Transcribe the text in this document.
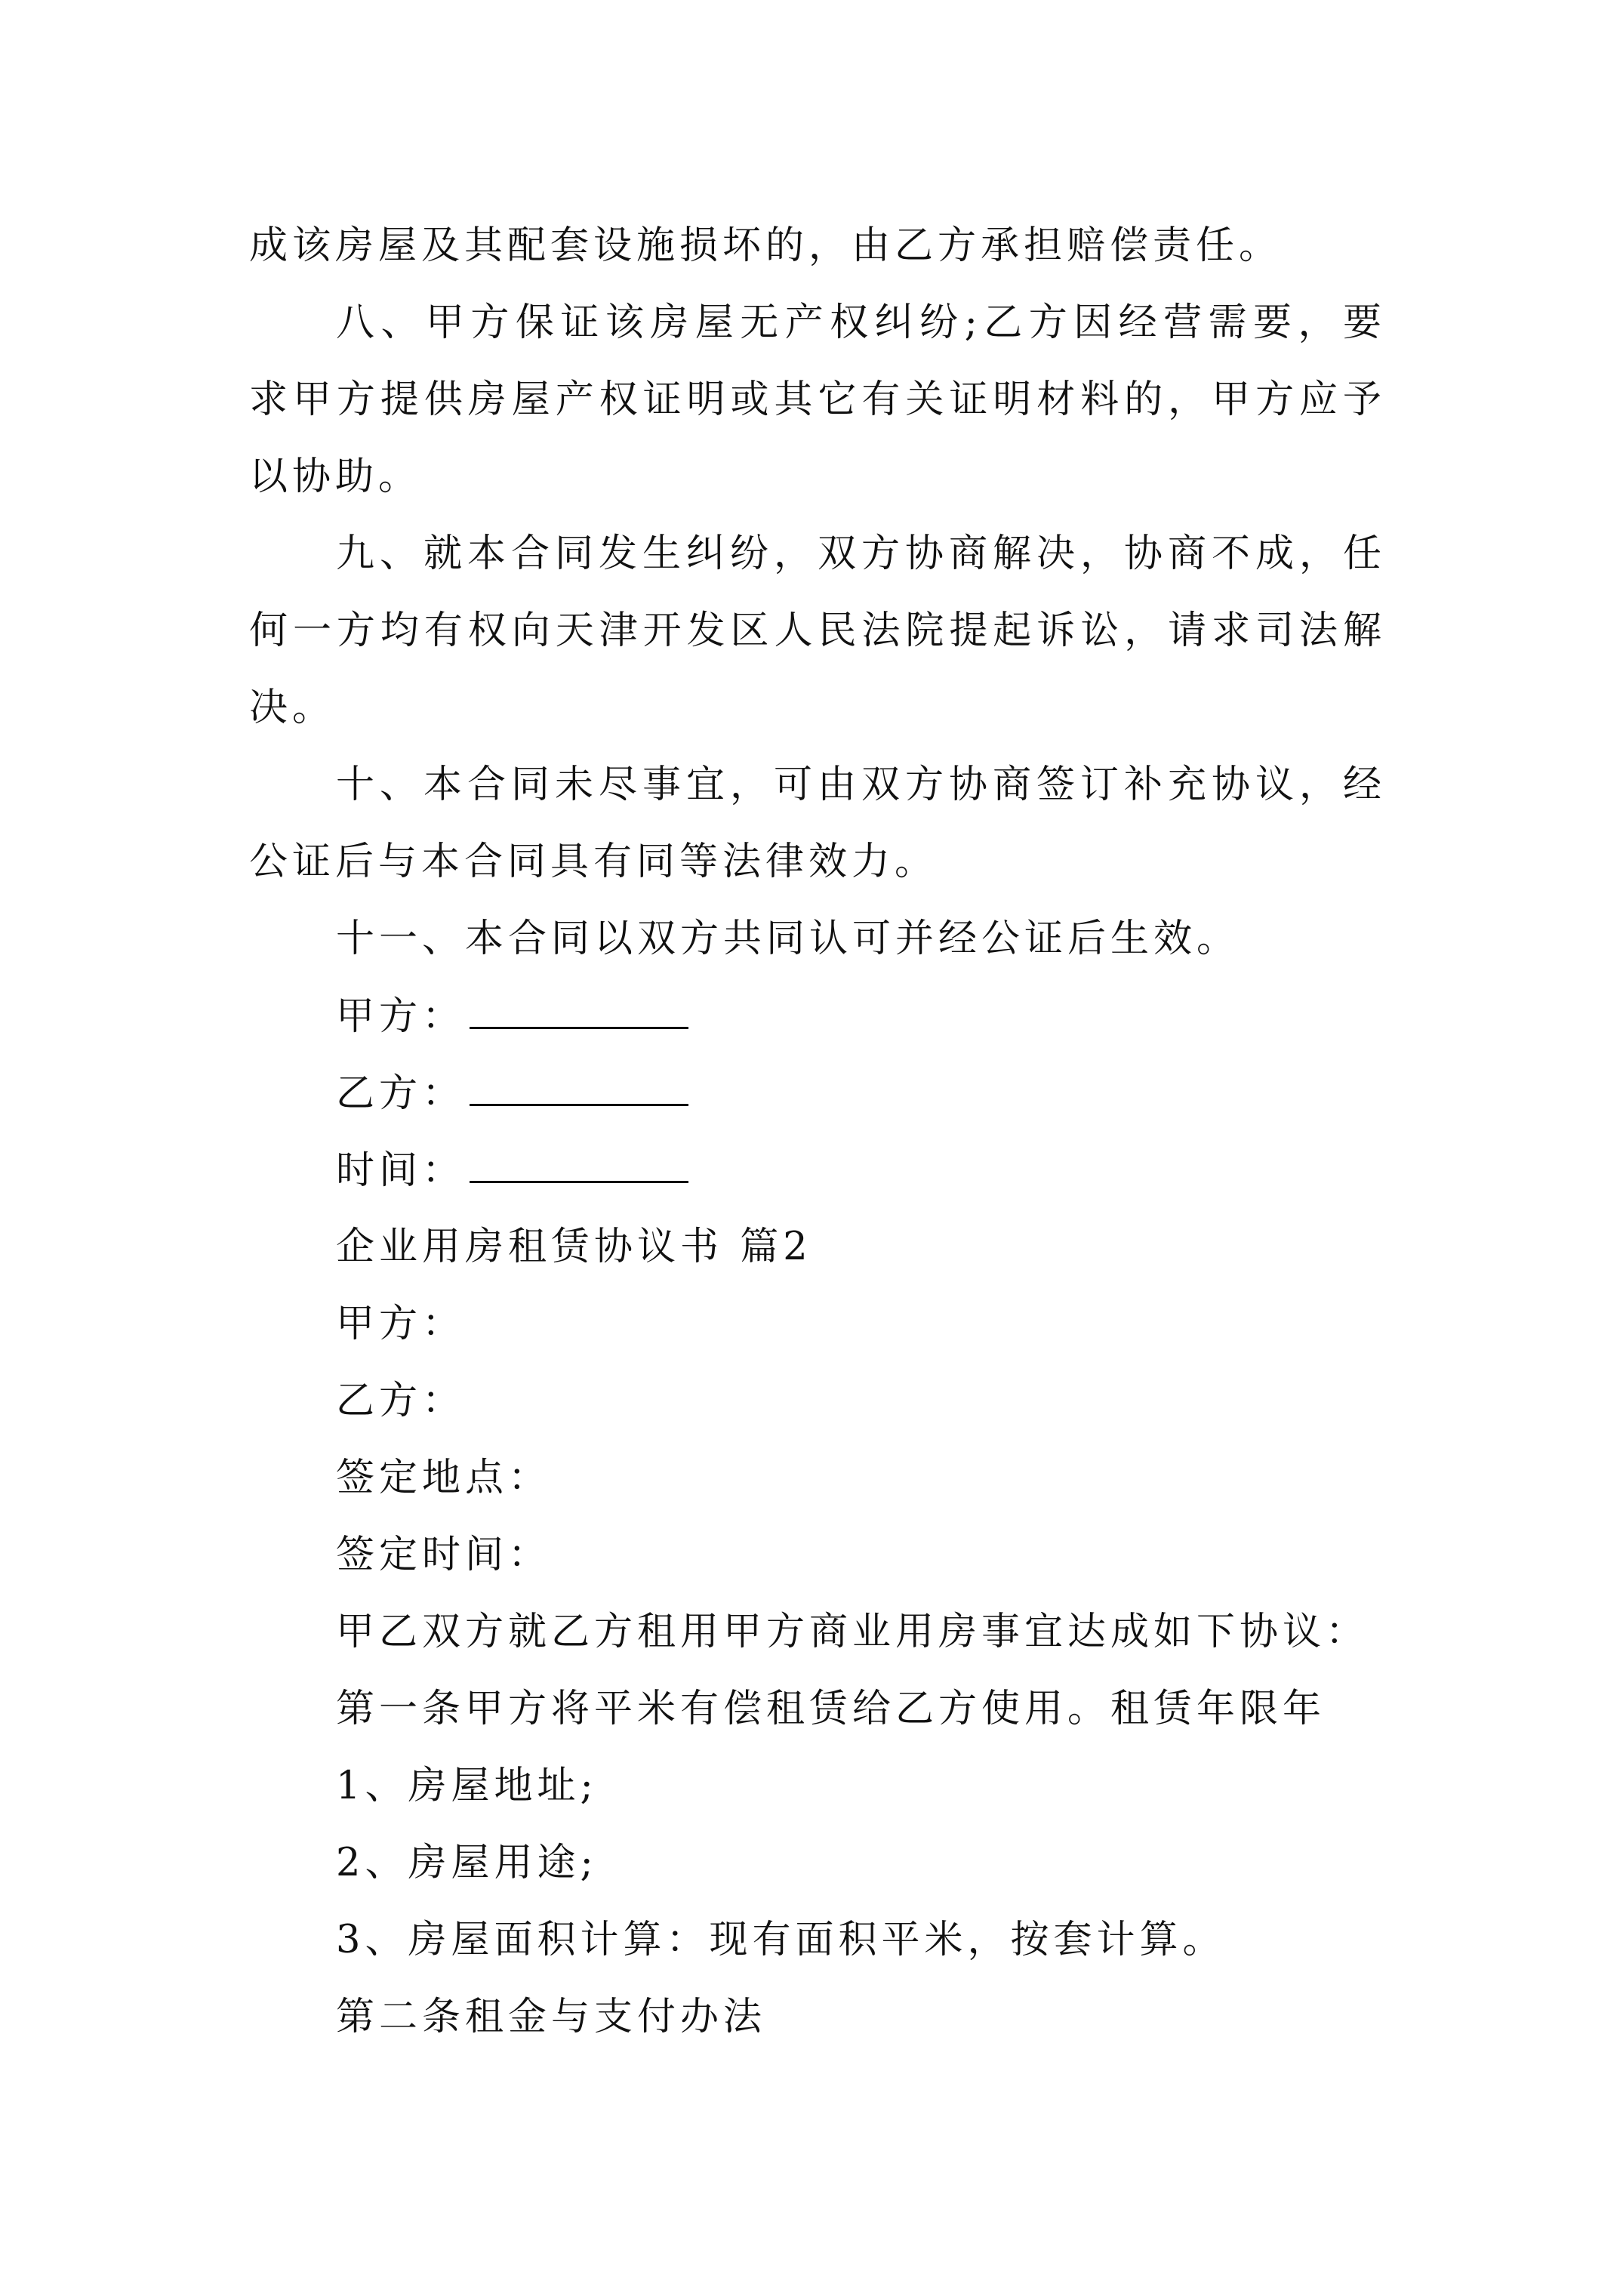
成该房屋及其配套设施损坏的，由乙方承担赔偿责任。
八、甲方保证该房屋无产权纠纷;乙方因经营需要，要
求甲方提供房屋产权证明或其它有关证明材料的，甲方应予
以协助。
九、就本合同发生纠纷，双方协商解决，协商不成，任
何一方均有权向天津开发区人民法院提起诉讼，请求司法解
决。
十、本合同未尽事宜，可由双方协商签订补充协议，经
公证后与本合同具有同等法律效力。
十一、本合同以双方共同认可并经公证后生效。
甲方：
乙方：
时间：
企业用房租赁协议书 篇2
甲方：
乙方：
签定地点：
签定时间：
甲乙双方就乙方租用甲方商业用房事宜达成如下协议：
第一条甲方将平米有偿租赁给乙方使用。租赁年限年
1、房屋地址;
2、房屋用途;
3、房屋面积计算：现有面积平米，按套计算。
第二条租金与支付办法
